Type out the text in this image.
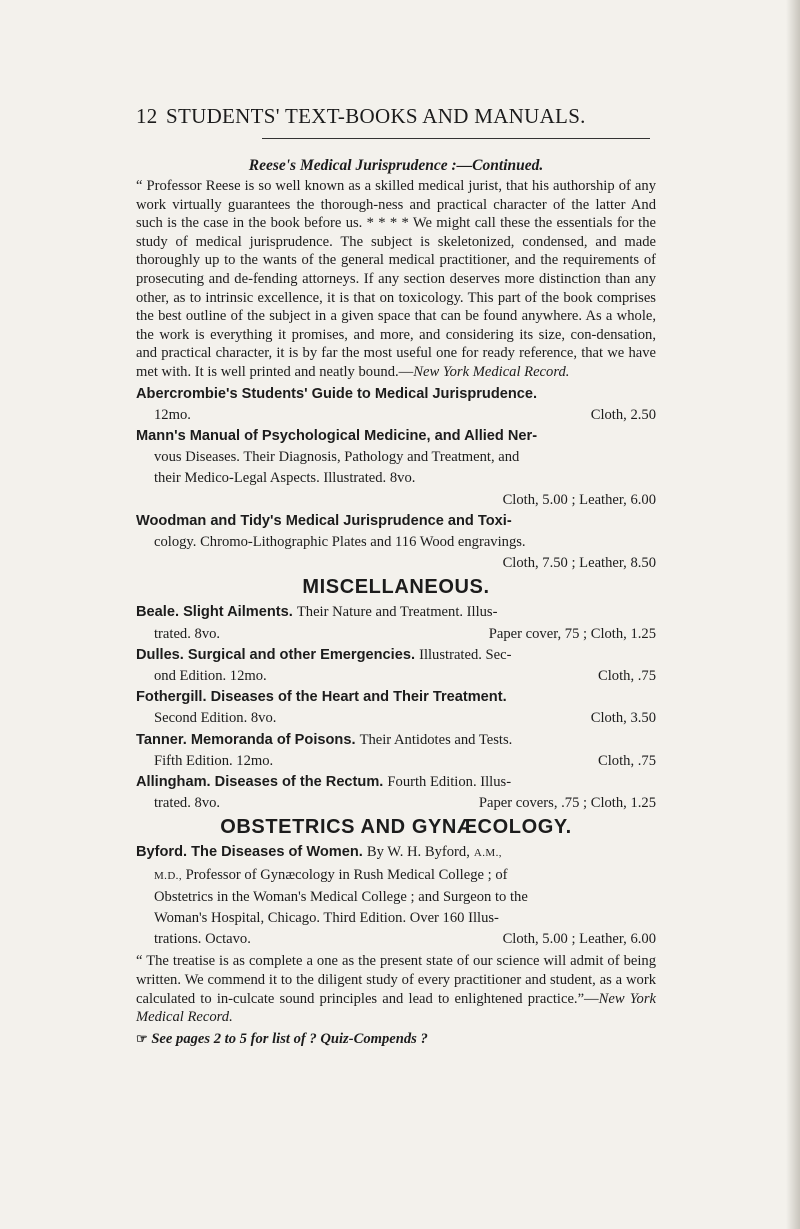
12 STUDENTS' TEXT-BOOKS AND MANUALS.
Reese's Medical Jurisprudence :—Continued.
“ Professor Reese is so well known as a skilled medical jurist, that his authorship of any work virtually guarantees the thorough-ness and practical character of the latter And such is the case in the book before us. * * * * We might call these the essentials for the study of medical jurisprudence. The subject is skeletonized, condensed, and made thoroughly up to the wants of the general medical practitioner, and the requirements of prosecuting and de-fending attorneys. If any section deserves more distinction than any other, as to intrinsic excellence, it is that on toxicology. This part of the book comprises the best outline of the subject in a given space that can be found anywhere. As a whole, the work is everything it promises, and more, and considering its size, con-densation, and practical character, it is by far the most useful one for ready reference, that we have met with. It is well printed and neatly bound.—New York Medical Record.
Abercrombie's Students' Guide to Medical Jurisprudence.
12mo.	Cloth, 2.50
Mann's Manual of Psychological Medicine, and Allied Ner-
vous Diseases. Their Diagnosis, Pathology and Treatment, and
their Medico-Legal Aspects. Illustrated. 8vo.
Cloth, 5.00 ; Leather, 6.00
Woodman and Tidy's Medical Jurisprudence and Toxi-
cology. Chromo-Lithographic Plates and 116 Wood engravings.
Cloth, 7.50 ; Leather, 8.50
MISCELLANEOUS.
Beale. Slight Ailments. Their Nature and Treatment. Illus-
trated. 8vo.	Paper cover, 75 ; Cloth, 1.25
Dulles. Surgical and other Emergencies. Illustrated. Sec-
ond Edition. 12mo.	Cloth, .75
Fothergill. Diseases of the Heart and Their Treatment.
Second Edition. 8vo.	Cloth, 3.50
Tanner. Memoranda of Poisons. Their Antidotes and Tests.
Fifth Edition. 12mo.	Cloth, .75
Allingham. Diseases of the Rectum. Fourth Edition. Illus-
trated. 8vo.	Paper covers, .75 ; Cloth, 1.25
OBSTETRICS AND GYNÆCOLOGY.
Byford. The Diseases of Women. By W. H. Byford, A.M.,
M.D., Professor of Gynæcology in Rush Medical College ; of
Obstetrics in the Woman's Medical College ; and Surgeon to the
Woman's Hospital, Chicago. Third Edition. Over 160 Illus-
trations. Octavo.	Cloth, 5.00 ; Leather, 6.00
“ The treatise is as complete a one as the present state of our science will admit of being written. We commend it to the diligent study of every practitioner and student, as a work calculated to in-culcate sound principles and lead to enlightened practice.”—New York Medical Record.
☞ See pages 2 to 5 for list of ? Quiz-Compends ?
